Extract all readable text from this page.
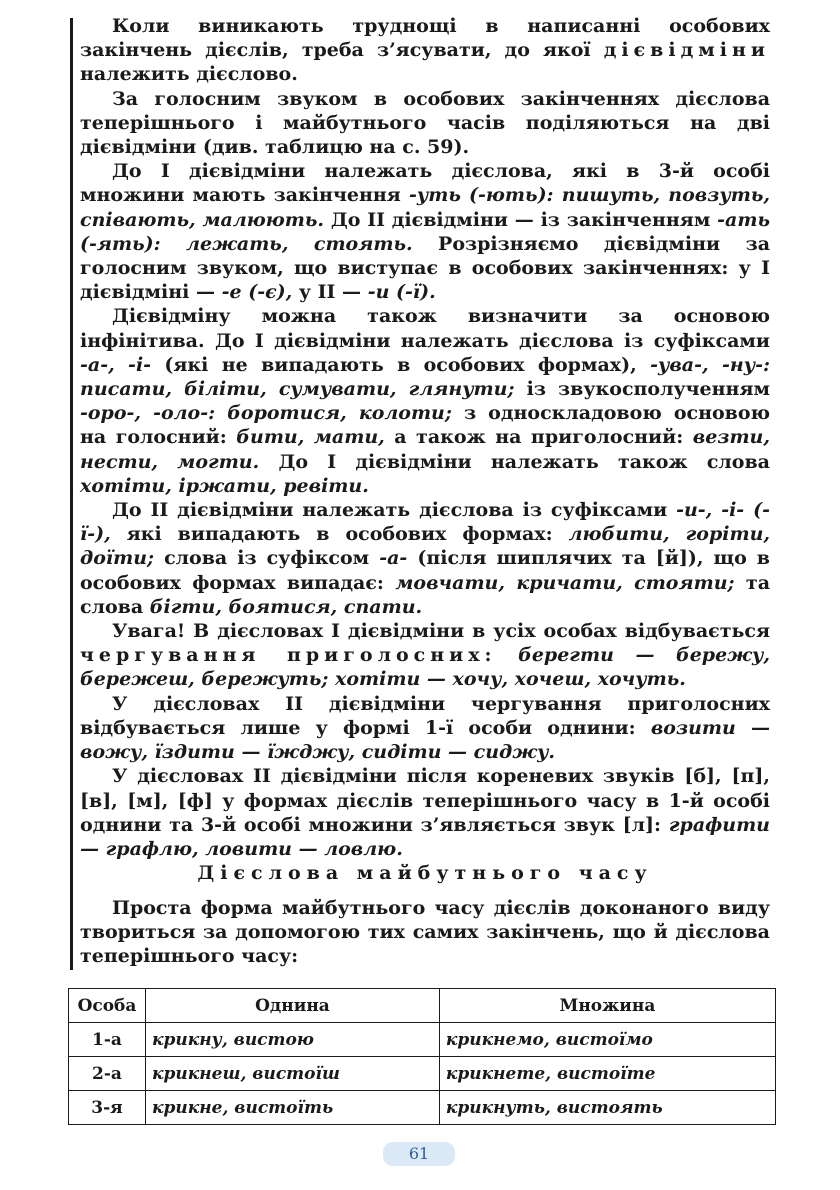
Коли виникають труднощі в написанні особових закінчень дієслів, треба з’ясувати, до якої дієвідміни належить дієслово.

За голосним звуком в особових закінченнях дієслова теперішнього і майбутнього часів поділяються на дві дієвідміни (див. таблицю на с. 59).

До I дієвідміни належать дієслова, які в 3-й особі множини мають закінчення -уть (-ють): пишуть, повзуть, співають, малюють. До II дієвідміни — із закінченням -ать (-ять): лежать, стоять. Розрізняємо дієвідміни за голосним звуком, що виступає в особових закінченнях: у I дієвідміні — -е (-є), у II — -и (-ї).

Дієвідміну можна також визначити за основою інфінітива. До I дієвідміни належать дієслова із суфіксами -а-, -і- (які не випадають в особових формах), -ува-, -ну-: писати, біліти, сумувати, глянути; із звукосполученням -оро-, -оло-: боротися, колоти; з односкладовою основою на голосний: бити, мати, а також на приголосний: везти, нести, могти. До I дієвідміни належать також слова хотіти, іржати, ревіти.

До II дієвідміни належать дієслова із суфіксами -и-, -і- (-ї-), які випадають в особових формах: любити, горіти, доїти; слова із суфіксом -а- (після шиплячих та [й]), що в особових формах випадає: мовчати, кричати, стояти; та слова бігти, боятися, спати.

Увага! В дієсловах I дієвідміни в усіх особах відбувається чергування приголосних: берегти — бережу, бережеш, бережуть; хотіти — хочу, хочеш, хочуть.

У дієсловах II дієвідміни чергування приголосних відбувається лише у формі 1-ї особи однини: возити — вожу, їздити — їжджу, сидіти — сиджу.

У дієсловах II дієвідміни після кореневих звуків [б], [п], [в], [м], [ф] у формах дієслів теперішнього часу в 1-й особі однини та 3-й особі множини з’являється звук [л]: графити — графлю, ловити — ловлю.

Дієслова майбутнього часу

Проста форма майбутнього часу дієслів доконаного виду твориться за допомогою тих самих закінчень, що й дієслова теперішнього часу:

Особа	Однина	Множина
1-а	крикну, вистою	крикнемо, вистоїмо
2-а	крикнеш, вистоїш	крикнете, вистоїте
3-я	крикне, вистоїть	крикнуть, вистоять
61
